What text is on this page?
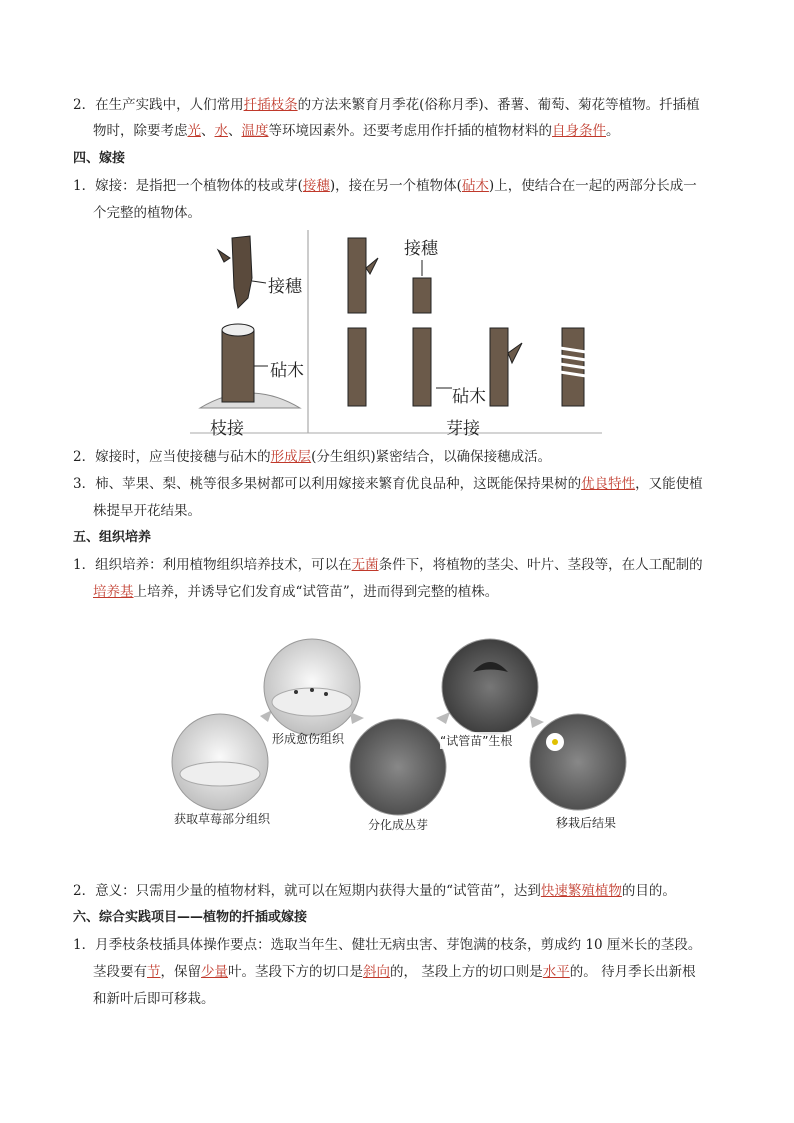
2．在生产实践中，人们常用扦插枝条的方法来繁育月季花(俗称月季)、番薯、葡萄、菊花等植物。扦插植
物时，除要考虑光、水、温度等环境因素外。还要考虑用作扦插的植物材料的自身条件。
四、嫁接
1．嫁接：是指把一个植物体的枝或芽(接穗)，接在另一个植物体(砧木)上，使结合在一起的两部分长成一
个完整的植物体。
接穗
砧木
枝接
接穗
砧木
芽接
2．嫁接时，应当使接穗与砧木的形成层(分生组织)紧密结合，以确保接穗成活。
3．柿、苹果、梨、桃等很多果树都可以利用嫁接来繁育优良品种，这既能保持果树的优良特性，又能使植
株提早开花结果。
五、组织培养
1．组织培养：利用植物组织培养技术，可以在无菌条件下，将植物的茎尖、叶片、茎段等，在人工配制的
培养基上培养，并诱导它们发育成“试管苗”，进而得到完整的植株。
获取草莓部分组织
形成愈伤组织
分化成丛芽
“试管苗”生根
移栽后结果
2．意义：只需用少量的植物材料，就可以在短期内获得大量的“试管苗”，达到快速繁殖植物的目的。
六、综合实践项目——植物的扦插或嫁接
1．月季枝条枝插具体操作要点：选取当年生、健壮无病虫害、芽饱满的枝条，剪成约 10 厘米长的茎段。
茎段要有节，保留少量叶。茎段下方的切口是斜向的， 茎段上方的切口则是水平的。 待月季长出新根
和新叶后即可移栽。
